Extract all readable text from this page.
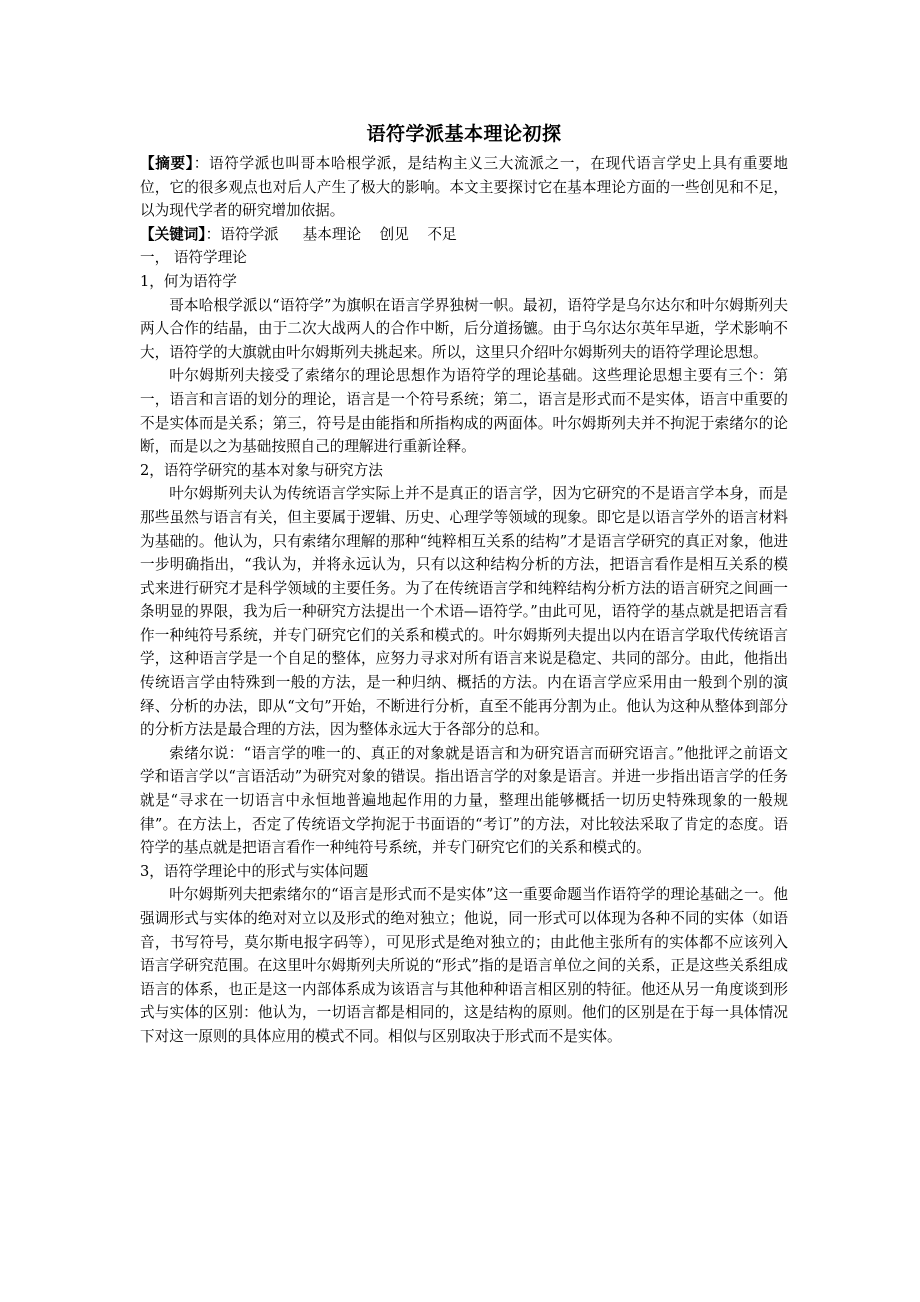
语符学派基本理论初探

【摘要】：语符学派也叫哥本哈根学派，是结构主义三大流派之一，在现代语言学史上具有重要地位，它的很多观点也对后人产生了极大的影响。本文主要探讨它在基本理论方面的一些创见和不足，以为现代学者的研究增加依据。

【关键词】：语符学派 基本理论 创见 不足

一， 语符学理论

1，何为语符学

哥本哈根学派以“语符学”为旗帜在语言学界独树一帜。最初，语符学是乌尔达尔和叶尔姆斯列夫两人合作的结晶，由于二次大战两人的合作中断，后分道扬镳。由于乌尔达尔英年早逝，学术影响不大，语符学的大旗就由叶尔姆斯列夫挑起来。所以，这里只介绍叶尔姆斯列夫的语符学理论思想。

叶尔姆斯列夫接受了索绪尔的理论思想作为语符学的理论基础。这些理论思想主要有三个：第一，语言和言语的划分的理论，语言是一个符号系统；第二，语言是形式而不是实体，语言中重要的不是实体而是关系；第三，符号是由能指和所指构成的两面体。叶尔姆斯列夫并不拘泥于索绪尔的论断，而是以之为基础按照自己的理解进行重新诠释。

2，语符学研究的基本对象与研究方法

叶尔姆斯列夫认为传统语言学实际上并不是真正的语言学，因为它研究的不是语言学本身，而是那些虽然与语言有关，但主要属于逻辑、历史、心理学等领域的现象。即它是以语言学外的语言材料为基础的。他认为，只有索绪尔理解的那种“纯粹相互关系的结构”才是语言学研究的真正对象，他进一步明确指出，“我认为，并将永远认为，只有以这种结构分析的方法，把语言看作是相互关系的模式来进行研究才是科学领域的主要任务。为了在传统语言学和纯粹结构分析方法的语言研究之间画一条明显的界限，我为后一种研究方法提出一个术语—语符学。”由此可见，语符学的基点就是把语言看作一种纯符号系统，并专门研究它们的关系和模式的。叶尔姆斯列夫提出以内在语言学取代传统语言学，这种语言学是一个自足的整体，应努力寻求对所有语言来说是稳定、共同的部分。由此，他指出传统语言学由特殊到一般的方法，是一种归纳、概括的方法。内在语言学应采用由一般到个别的演绎、分析的办法，即从“文句”开始，不断进行分析，直至不能再分割为止。他认为这种从整体到部分的分析方法是最合理的方法，因为整体永远大于各部分的总和。

索绪尔说：“语言学的唯一的、真正的对象就是语言和为研究语言而研究语言。”他批评之前语文学和语言学以“言语活动”为研究对象的错误。指出语言学的对象是语言。并进一步指出语言学的任务就是“寻求在一切语言中永恒地普遍地起作用的力量，整理出能够概括一切历史特殊现象的一般规律”。在方法上，否定了传统语文学拘泥于书面语的“考订”的方法，对比较法采取了肯定的态度。语符学的基点就是把语言看作一种纯符号系统，并专门研究它们的关系和模式的。

3，语符学理论中的形式与实体问题

叶尔姆斯列夫把索绪尔的“语言是形式而不是实体”这一重要命题当作语符学的理论基础之一。他强调形式与实体的绝对对立以及形式的绝对独立；他说，同一形式可以体现为各种不同的实体（如语音，书写符号，莫尔斯电报字码等），可见形式是绝对独立的；由此他主张所有的实体都不应该列入语言学研究范围。在这里叶尔姆斯列夫所说的“形式”指的是语言单位之间的关系，正是这些关系组成语言的体系，也正是这一内部体系成为该语言与其他种种语言相区别的特征。他还从另一角度谈到形式与实体的区别：他认为，一切语言都是相同的，这是结构的原则。他们的区别是在于每一具体情况下对这一原则的具体应用的模式不同。相似与区别取决于形式而不是实体。
